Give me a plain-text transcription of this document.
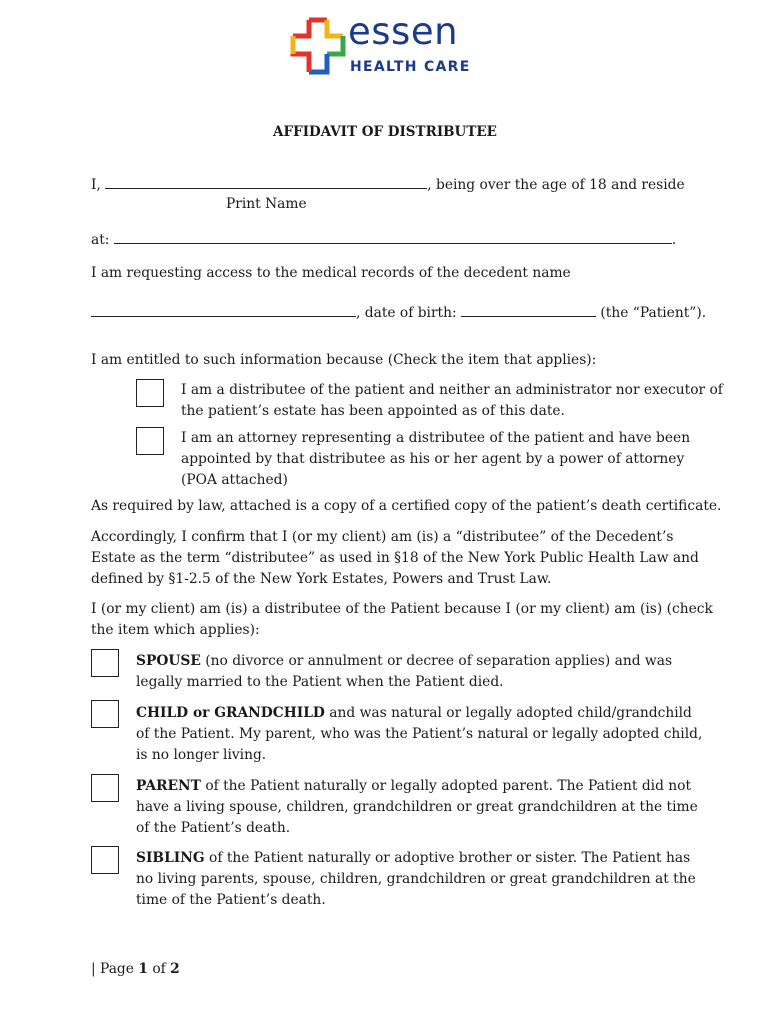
essen
HEALTH CARE
AFFIDAVIT OF DISTRIBUTEE
I,	, being over the age of 18 and reside
Print Name
at:	.
I am requesting access to the medical records of the decedent name
, date of birth:	(the “Patient”).
I am entitled to such information because (Check the item that applies):
I am a distributee of the patient and neither an administrator nor executor of
the patient’s estate has been appointed as of this date.
I am an attorney representing a distributee of the patient and have been
appointed by that distributee as his or her agent by a power of attorney
(POA attached)
As required by law, attached is a copy of a certified copy of the patient’s death certificate.
Accordingly, I confirm that I (or my client) am (is) a “distributee” of the Decedent’s
Estate as the term “distributee” as used in §18 of the New York Public Health Law and
defined by §1-2.5 of the New York Estates, Powers and Trust Law.
I (or my client) am (is) a distributee of the Patient because I (or my client) am (is) (check
the item which applies):
SPOUSE (no divorce or annulment or decree of separation applies) and was
legally married to the Patient when the Patient died.
CHILD or GRANDCHILD and was natural or legally adopted child/grandchild
of the Patient. My parent, who was the Patient’s natural or legally adopted child,
is no longer living.
PARENT of the Patient naturally or legally adopted parent. The Patient did not
have a living spouse, children, grandchildren or great grandchildren at the time
of the Patient’s death.
SIBLING of the Patient naturally or adoptive brother or sister. The Patient has
no living parents, spouse, children, grandchildren or great grandchildren at the
time of the Patient’s death.
| Page 1 of 2
